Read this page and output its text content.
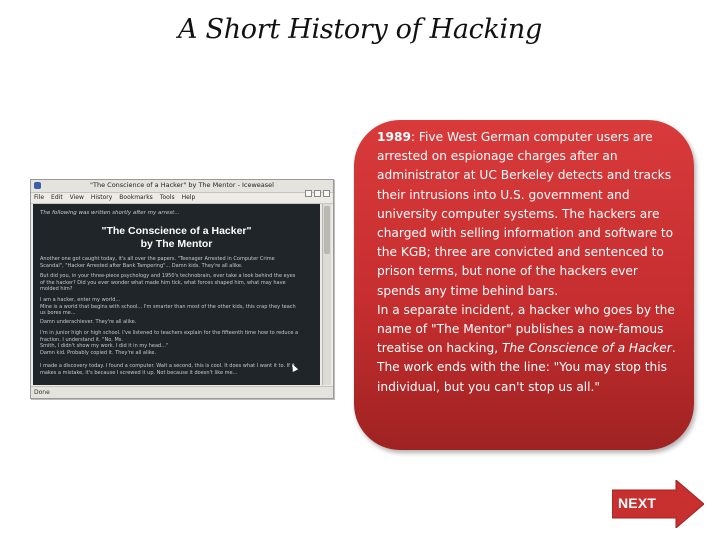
A Short History of Hacking
"The Conscience of a Hacker" by The Mentor - Iceweasel
File Edit View History Bookmarks Tools Help
The following was written shortly after my arrest...
"The Conscience of a Hacker"
by The Mentor
Another one got caught today, it's all over the papers. "Teenager Arrested in Computer Crime
Scandal", "Hacker Arrested after Bank Tampering"... Damn kids. They're all alike.
But did you, in your three-piece psychology and 1950's technobrain, ever take a look behind the eyes
of the hacker? Did you ever wonder what made him tick, what forces shaped him, what may have
molded him?
I am a hacker, enter my world...
Mine is a world that begins with school... I'm smarter than most of the other kids, this crap they teach
us bores me...
Damn underachiever. They're all alike.
I'm in junior high or high school. I've listened to teachers explain for the fifteenth time how to reduce a
fraction. I understand it. "No, Ms.
Smith, I didn't show my work. I did it in my head..."
Damn kid. Probably copied it. They're all alike.
I made a discovery today. I found a computer. Wait a second, this is cool. It does what I want it to. If it
makes a mistake, it's because I screwed it up. Not because it doesn't like me...
Done

1989: Five West German computer users are arrested on espionage charges after an administrator at UC Berkeley detects and tracks their intrusions into U.S. government and university computer systems. The hackers are charged with selling information and software to the KGB; three are convicted and sentenced to prison terms, but none of the hackers ever spends any time behind bars.

In a separate incident, a hacker who goes by the name of "The Mentor" publishes a now-famous treatise on hacking, The Conscience of a Hacker. The work ends with the line: "You may stop this individual, but you can't stop us all."

NEXT
